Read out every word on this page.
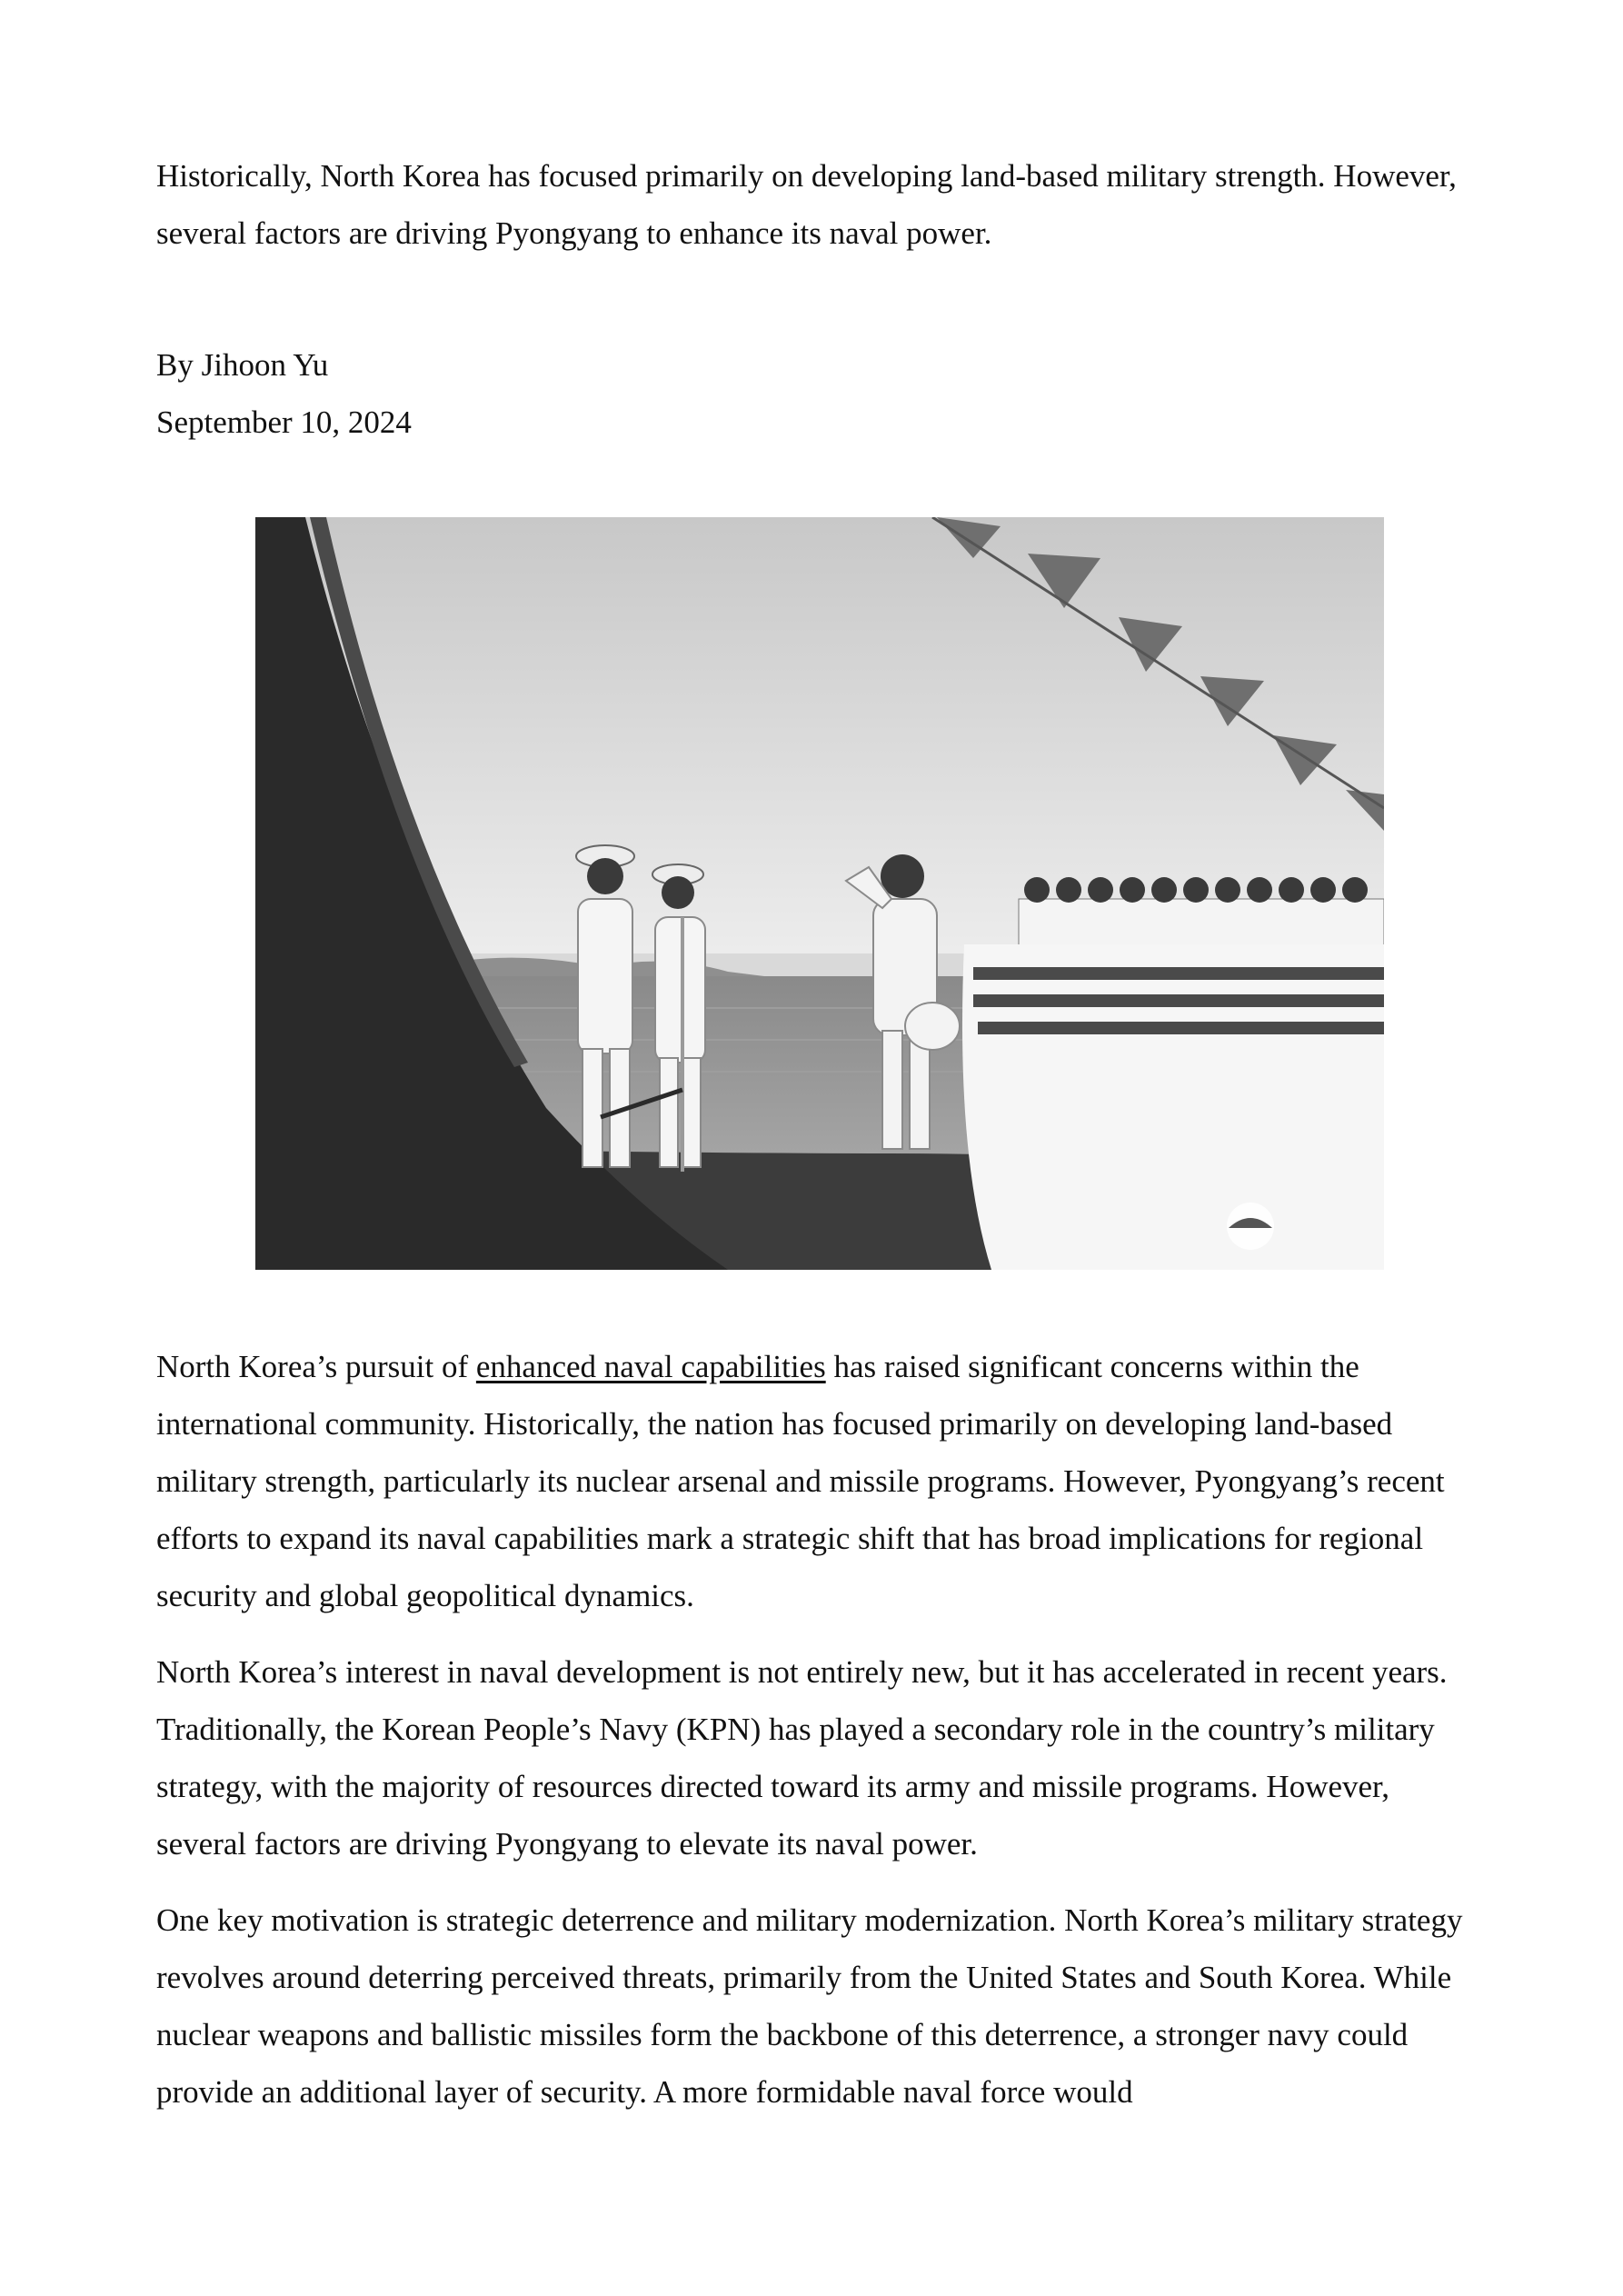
Historically, North Korea has focused primarily on developing land-based military strength. However, several factors are driving Pyongyang to enhance its naval power.

By Jihoon Yu

September 10, 2024

North Korea’s pursuit of enhanced naval capabilities has raised significant concerns within the international community. Historically, the nation has focused primarily on developing land-based military strength, particularly its nuclear arsenal and missile programs. However, Pyongyang’s recent efforts to expand its naval capabilities mark a strategic shift that has broad implications for regional security and global geopolitical dynamics.

North Korea’s interest in naval development is not entirely new, but it has accelerated in recent years. Traditionally, the Korean People’s Navy (KPN) has played a secondary role in the country’s military strategy, with the majority of resources directed toward its army and missile programs. However, several factors are driving Pyongyang to elevate its naval power.

One key motivation is strategic deterrence and military modernization. North Korea’s military strategy revolves around deterring perceived threats, primarily from the United States and South Korea. While nuclear weapons and ballistic missiles form the backbone of this deterrence, a stronger navy could provide an additional layer of security. A more formidable naval force would
